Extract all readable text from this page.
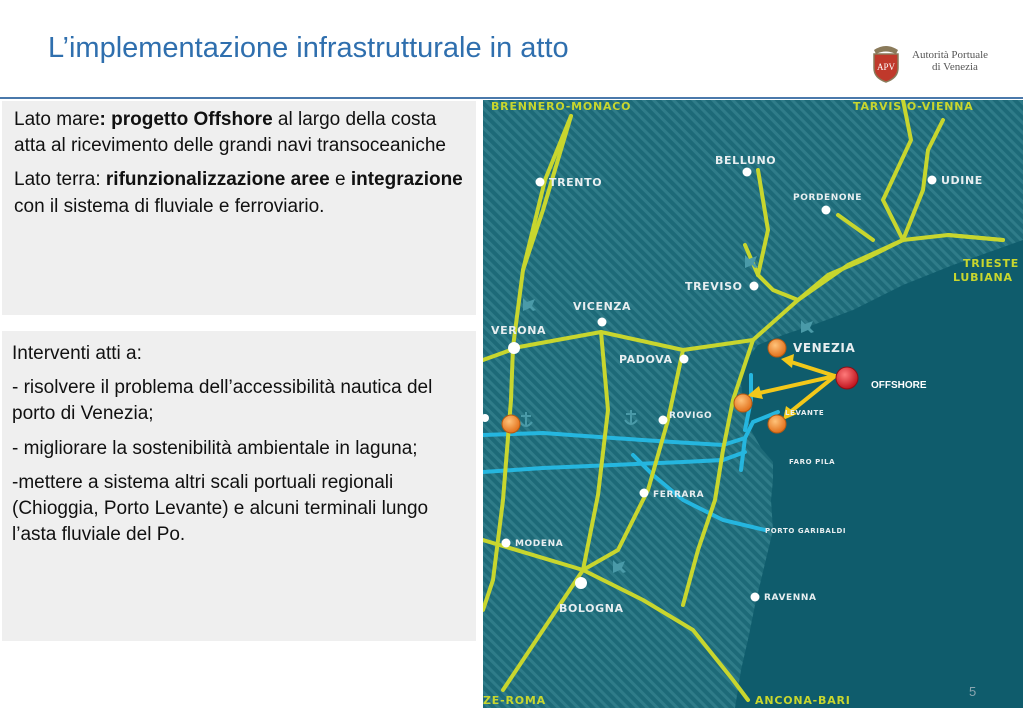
L’implementazione infrastrutturale in atto
APV
Autorità Portuale
di Venezia

Lato mare: progetto Offshore al largo della costa atta al ricevimento delle grandi navi transoceaniche

Lato terra: rifunzionalizzazione aree e integrazione con il sistema di fluviale e ferroviario.

Interventi atti a:

- risolvere il problema dell’accessibilità nautica del porto di Venezia;

- migliorare la sostenibilità ambientale in laguna;

-mettere a sistema altri scali portuali regionali (Chioggia, Porto Levante) e alcuni terminali lungo l’asta fluviale del Po.

BRENNERO-MONACO	TARVISIO-VIENNA
TRIESTE
LUBIANA
ZE-ROMA	ANCONA-BARI
TRENTO
BELLUNO
UDINE
PORDENONE
TREVISO
VICENZA
VERONA
PADOVA
VENEZIA
ROVIGO
FERRARA
MODENA
BOLOGNA
RAVENNA
LEVANTE
FARO PILA
PORTO GARIBALDI
OFFSHORE
5
